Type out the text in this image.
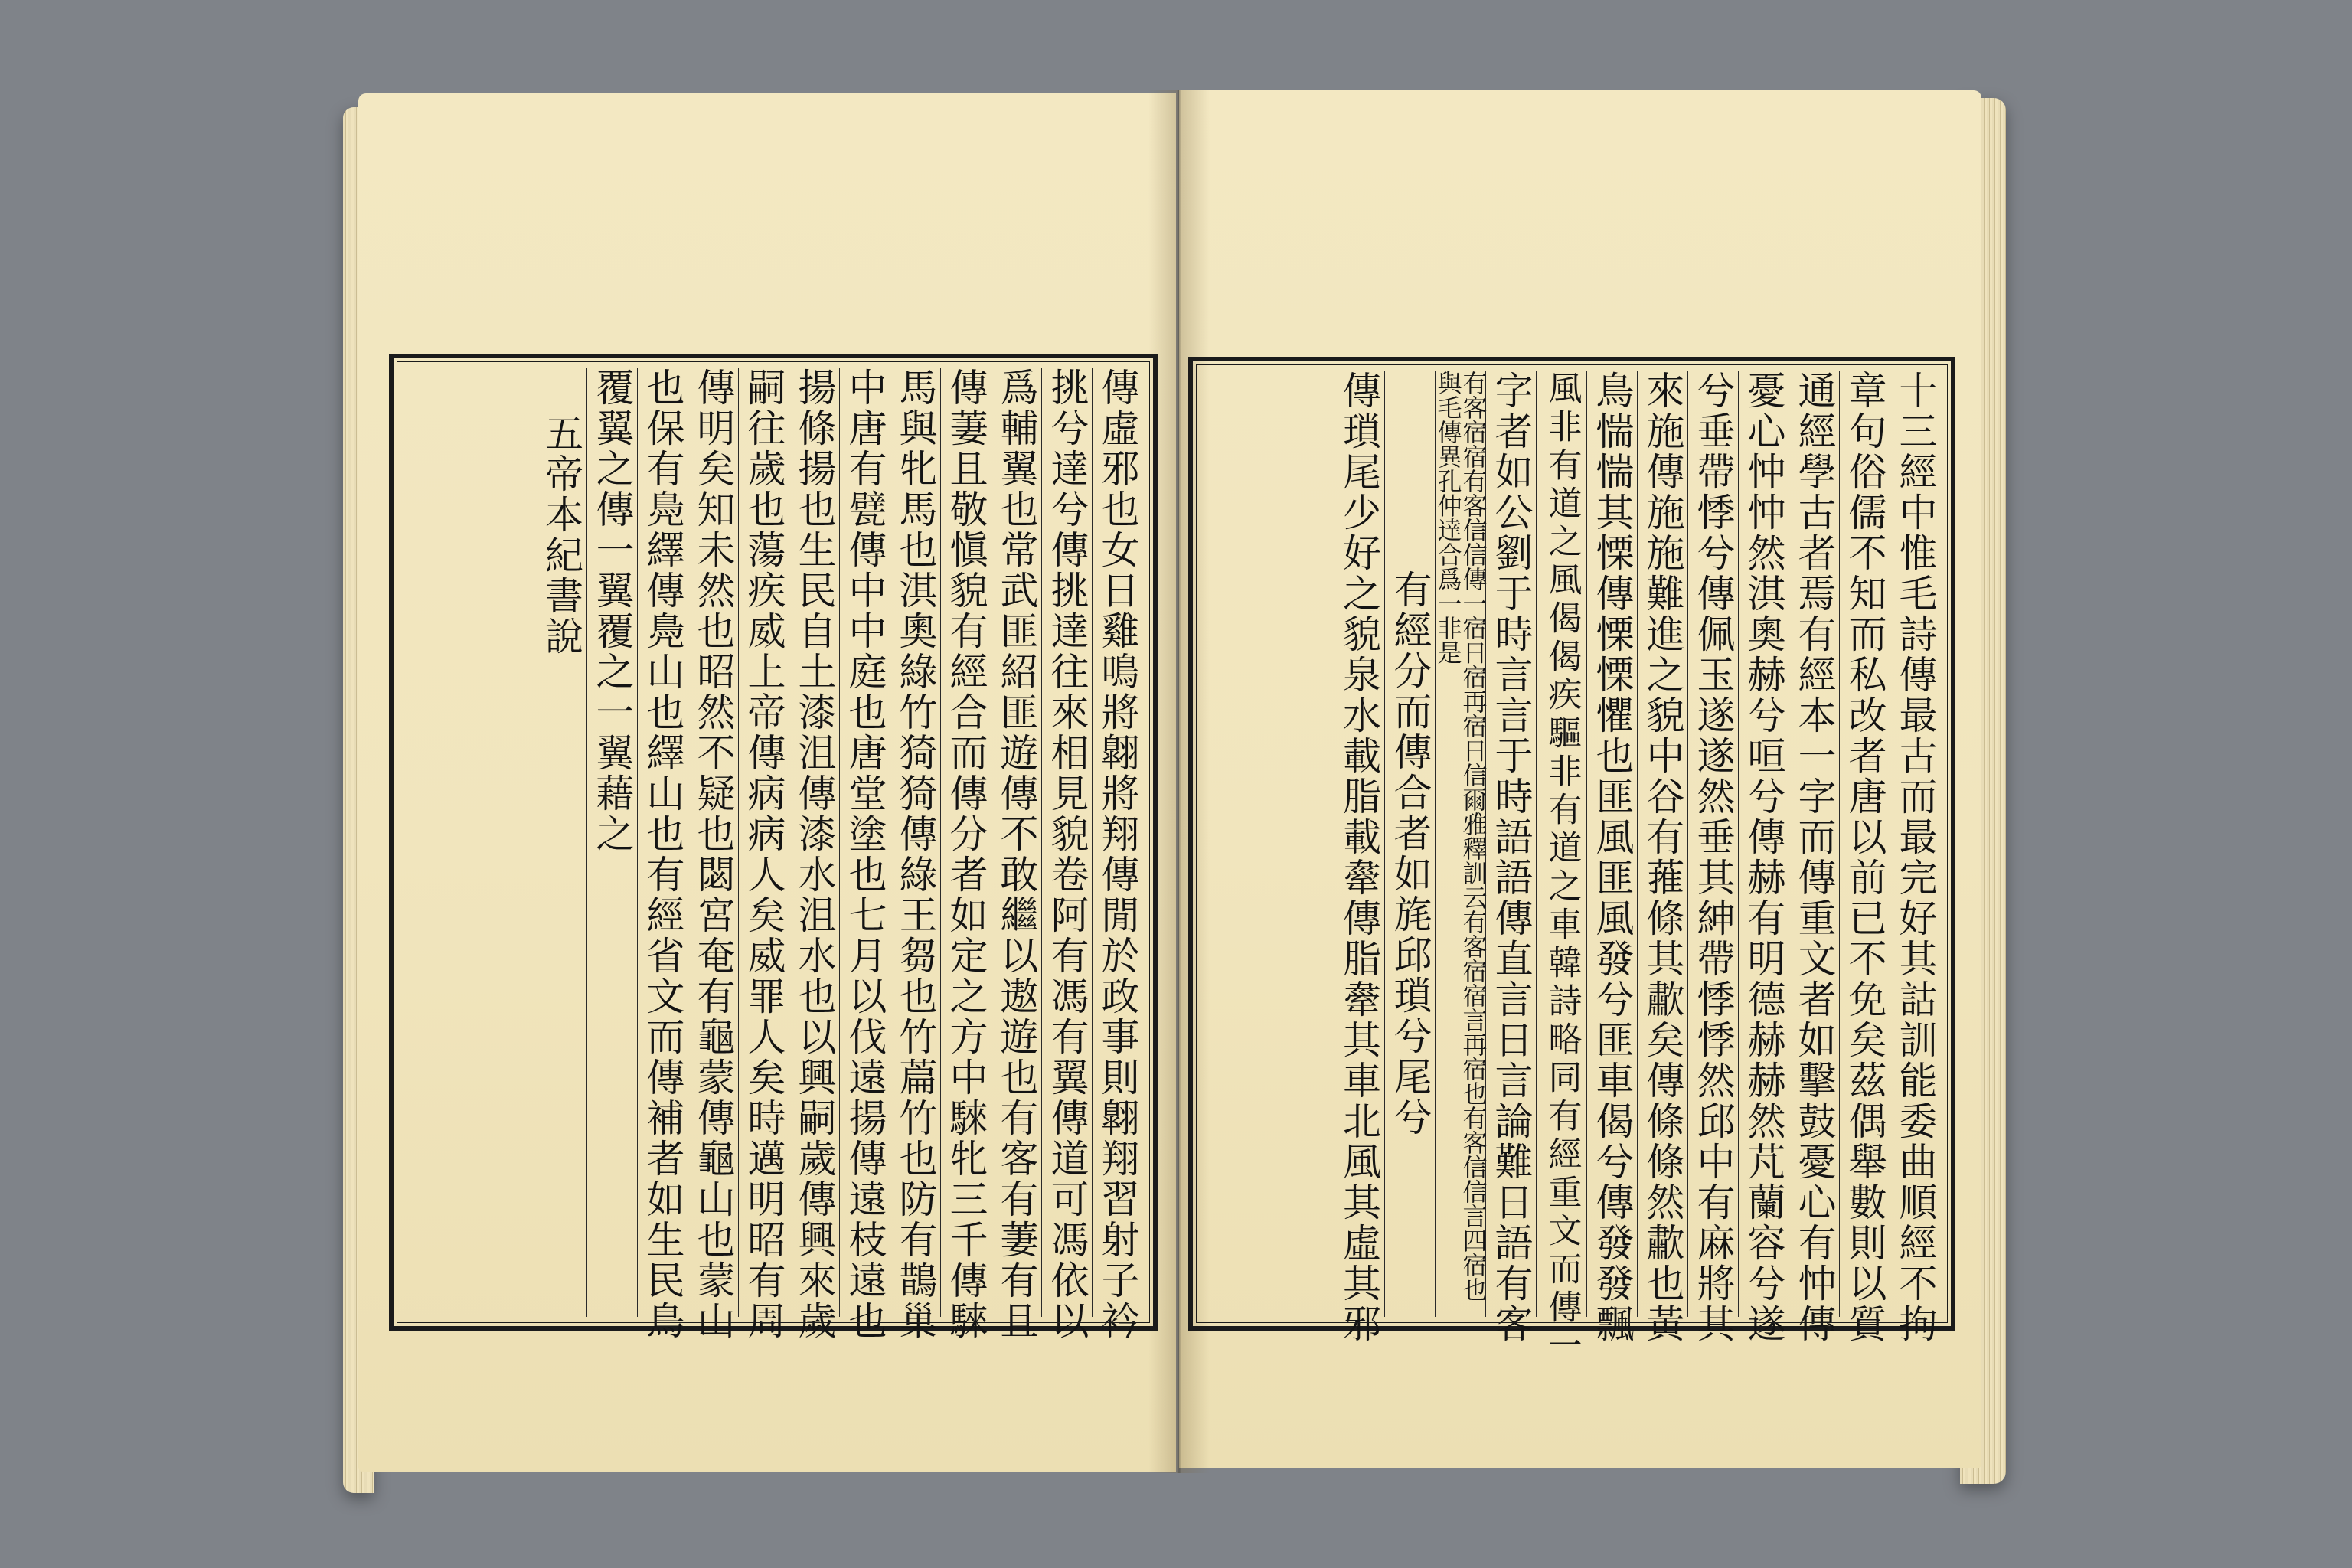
傳虛邪也女日雞鳴將翺將翔傳閒於政事則翺翔習射子衿
挑兮達兮傳挑達往來相見貌卷阿有馮有翼傳道可馮依以
爲輔翼也常武匪紹匪遊傳不敢繼以遨遊也有客有萋有且
傳萋且敬愼貌有經合而傳分者如定之方中騋牝三千傳騋
馬與牝馬也淇奧綠竹猗猗傳綠王芻也竹萹竹也防有鵲巢
中唐有甓傳中中庭也唐堂塗也七月以伐遠揚傳遠枝遠也
揚條揚也生民自土漆沮傳漆水沮水也以興嗣歲傳興來歲
嗣往歲也蕩疾威上帝傳病病人矣威罪人矣時邁明昭有周
傳明矣知未然也昭然不疑也閟宮奄有龜蒙傳龜山也蒙山
也保有鳧繹傳鳧山也繹山也有經省文而傳補者如生民鳥
覆翼之傳一翼覆之一翼藉之
五帝本紀書說	十三經中惟毛詩傳最古而最完好其詁訓能委曲順經不拘
章句俗儒不知而私改者唐以前已不免矣茲偶舉數則以質
通經學古者焉有經本一字而傳重文者如擊鼓憂心有忡傳
憂心忡忡然淇奧赫兮咺兮傳赫有明德赫赫然芃蘭容兮遂
兮垂帶悸兮傳佩玉遂遂然垂其紳帶悸悸然邱中有麻將其
來施傳施施難進之貌中谷有蓷條其歗矣傳條條然歗也黃
鳥惴惴其慄傳慄慄懼也匪風匪風發兮匪車偈兮傳發發飄
風非有道之風偈偈疾驅非有道之車韓詩略同有經重文而傳一
字者如公劉于時言言于時語語傳直言日言論難日語有客
有客宿宿有客信信傳一宿日宿再宿日信爾雅釋訓云有客宿宿言再宿也有客信信言四宿也與毛傳異孔仲達合爲一非是
有經分而傳合者如旄邱瑣兮尾兮
傳瑣尾少好之貌泉水載脂載舝傳脂舝其車北風其虛其邪
